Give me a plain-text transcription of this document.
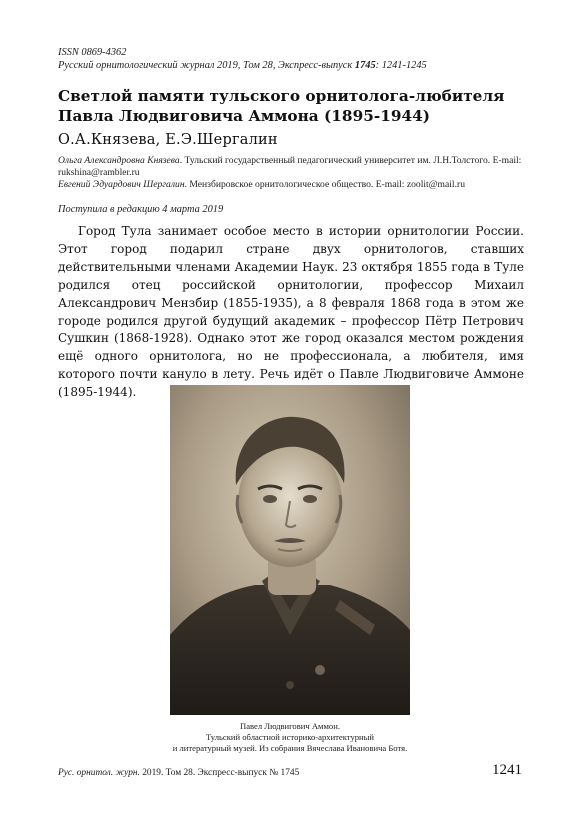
ISSN 0869-4362
Русский орнитологический журнал 2019, Том 28, Экспресс-выпуск 1745: 1241-1245
Светлой памяти тульского орнитолога-любителя Павла Людвиговича Аммона (1895-1944)
О.А.Князева, Е.Э.Шергалин
Ольга Александровна Князева. Тульский государственный педагогический университет им. Л.Н.Толстого. E-mail: rukshina@rambler.ru
Евгений Эдуардович Шергалин. Мензбировское орнитологическое общество. E-mail: zoolit@mail.ru
Поступила в редакцию 4 марта 2019

Город Тула занимает особое место в истории орнитологии России. Этот город подарил стране двух орнитологов, ставших действительными членами Академии Наук. 23 октября 1855 года в Туле родился отец российской орнитологии, профессор Михаил Александрович Мензбир (1855-1935), а 8 февраля 1868 года в этом же городе родился другой будущий академик – профессор Пётр Петрович Сушкин (1868-1928). Однако этот же город оказался местом рождения ещё одного орнитолога, но не профессионала, а любителя, имя которого почти кануло в лету. Речь идёт о Павле Людвиговиче Аммоне (1895-1944).

Павел Людвигович Аммон.
Тульский областной историко-архитектурный
и литературный музей. Из собрания Вячеслава Ивановича Ботя.
Рус. орнитол. журн. 2019. Том 28. Экспресс-выпуск № 1745	1241
